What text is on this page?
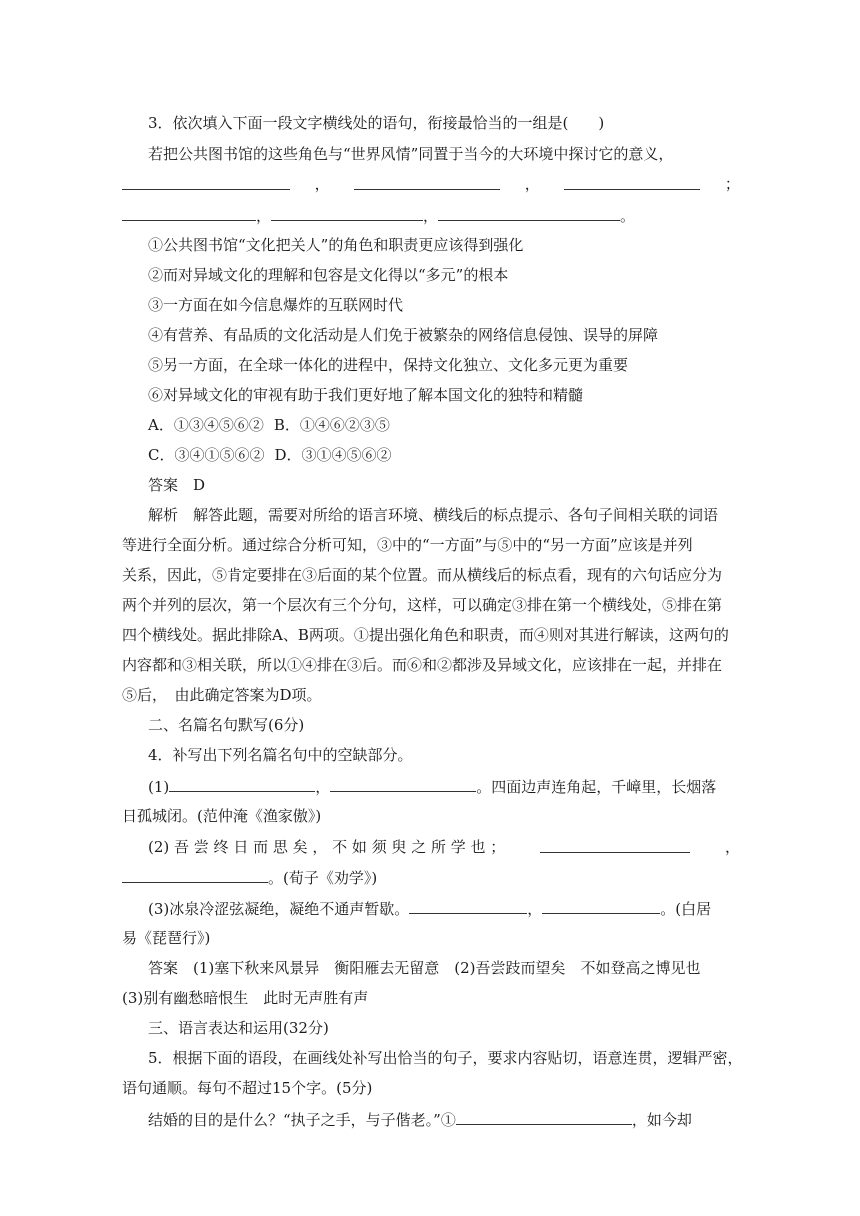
3．依次填入下面一段文字横线处的语句，衔接最恰当的一组是(　　)
若把公共图书馆的这些角色与“世界风情”同置于当今的大环境中探讨它的意义，
，	，	；
，	，	。
①公共图书馆“文化把关人”的角色和职责更应该得到强化
②而对异域文化的理解和包容是文化得以“多元”的根本
③一方面在如今信息爆炸的互联网时代
④有营养、有品质的文化活动是人们免于被繁杂的网络信息侵蚀、误导的屏障
⑤另一方面，在全球一体化的进程中，保持文化独立、文化多元更为重要
⑥对异域文化的审视有助于我们更好地了解本国文化的独特和精髓
A．①③④⑤⑥② B．①④⑥②③⑤
C．③④①⑤⑥② D．③①④⑤⑥②
答案　D
解析　解答此题，需要对所给的语言环境、横线后的标点提示、各句子间相关联的词语
等进行全面分析。通过综合分析可知，③中的“一方面”与⑤中的“另一方面”应该是并列
关系，因此，⑤肯定要排在③后面的某个位置。而从横线后的标点看，现有的六句话应分为
两个并列的层次，第一个层次有三个分句，这样，可以确定③排在第一个横线处，⑤排在第
四个横线处。据此排除A、B两项。①提出强化角色和职责，而④则对其进行解读，这两句的
内容都和③相关联，所以①④排在③后。而⑥和②都涉及异域文化，应该排在一起，并排在
⑤后，　由此确定答案为D项。
二、名篇名句默写(6分)
4．补写出下列名篇名句中的空缺部分。
(1)	，	。四面边声连角起，千嶂里，长烟落
日孤城闭。(范仲淹《渔家傲》)
(2) 吾 尝 终 日 而 思 矣 ， 不 如 须 臾 之 所 学 也 ；	，
。(荀子《劝学》)
(3)冰泉冷涩弦凝绝，凝绝不通声暂歇。	，	。(白居
易《琵琶行》)
答案　(1)塞下秋来风景异　衡阳雁去无留意　(2)吾尝跂而望矣　不如登高之博见也
(3)别有幽愁暗恨生　此时无声胜有声
三、语言表达和运用(32分)
5．根据下面的语段，在画线处补写出恰当的句子，要求内容贴切，语意连贯，逻辑严密，
语句通顺。每句不超过15个字。(5分)
结婚的目的是什么？“执子之手，与子偕老。”①	，如今却
